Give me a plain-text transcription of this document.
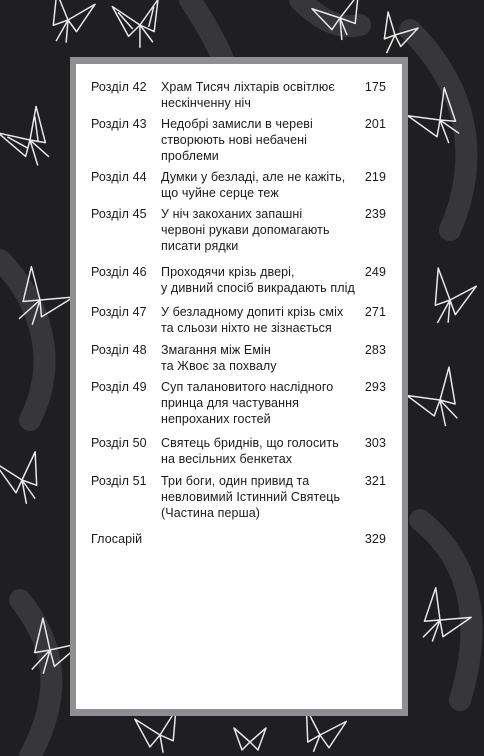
Розділ 42 Храм Тисяч ліхтарів освітлює
нескінченну ніч
175
Розділ 43 Недобрі замисли в череві
створюють нові небачені
проблеми
201
Розділ 44 Думки у безладі, але не кажіть,
що чуйне серце теж
219
Розділ 45 У ніч закоханих запашні
червоні рукави допомагають
писати рядки
239
Розділ 46 Проходячи крізь двері,
у дивний спосіб викрадають плід
249
Розділ 47 У безладному допиті крізь сміх
та сльози ніхто не зізнається
271
Розділ 48 Змагання між Емін
та Жвоє за похвалу
283
Розділ 49 Суп талановитого наслідного
принца для частування
непроханих гостей
293
Розділ 50 Святець бриднів, що голосить
на весільних бенкетах
303
Розділ 51 Три боги, один привид та
невловимий Істинний Святець
(Частина перша)
321
Глосарій	329
